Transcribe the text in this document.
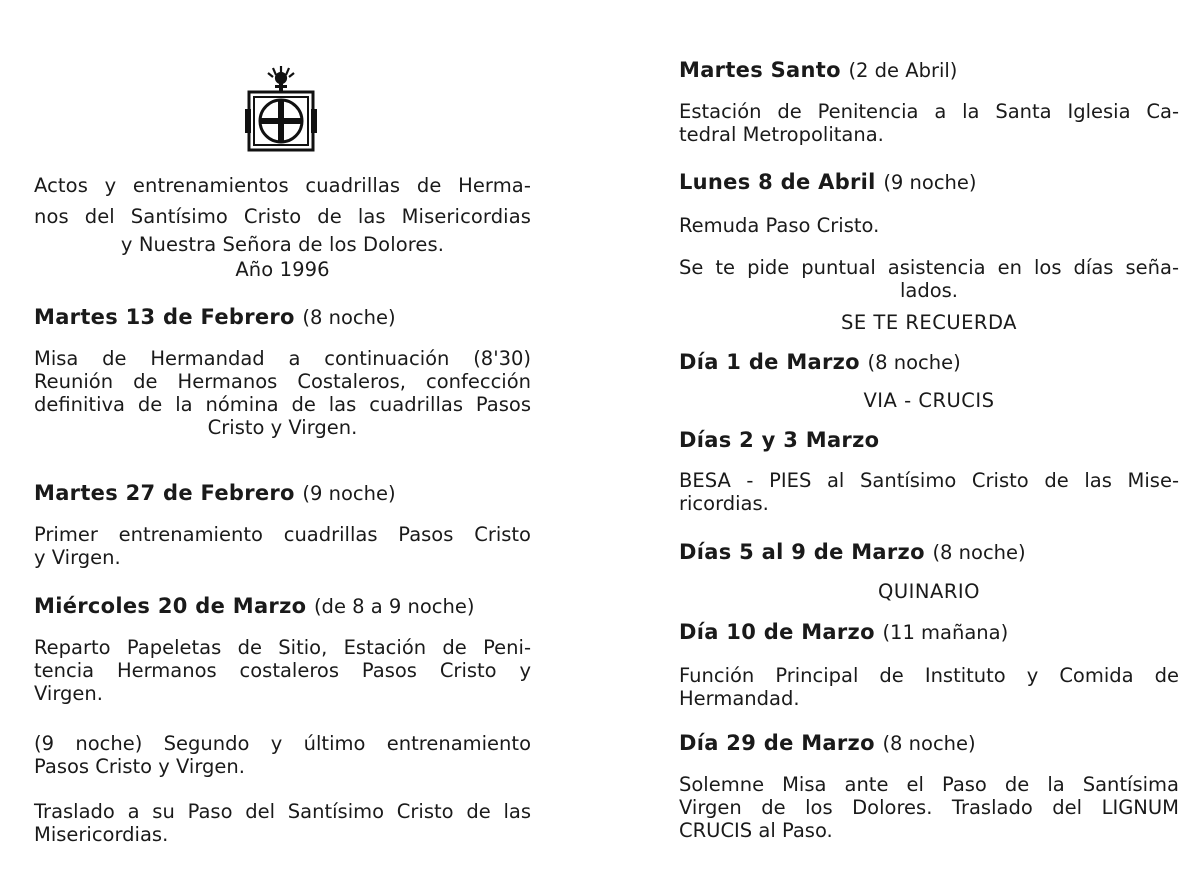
Actos y entrenamientos cuadrillas de Herma-
nos del Santísimo Cristo de las Misericordias
y Nuestra Señora de los Dolores.
Año 1996
Martes 13 de Febrero (8 noche)
Misa de Hermandad a continuación (8'30)
Reunión de Hermanos Costaleros, confección
definitiva de la nómina de las cuadrillas Pasos
Cristo y Virgen.
Martes 27 de Febrero (9 noche)
Primer entrenamiento cuadrillas Pasos Cristo
y Virgen.
Miércoles 20 de Marzo (de 8 a 9 noche)
Reparto Papeletas de Sitio, Estación de Peni-
tencia Hermanos costaleros Pasos Cristo y
Virgen.
(9 noche) Segundo y último entrenamiento
Pasos Cristo y Virgen.
Traslado a su Paso del Santísimo Cristo de las
Misericordias.
Martes Santo (2 de Abril)
Estación de Penitencia a la Santa Iglesia Ca-
tedral Metropolitana.
Lunes 8 de Abril (9 noche)
Remuda Paso Cristo.
Se te pide puntual asistencia en los días seña-
lados.
SE TE RECUERDA
Día 1 de Marzo (8 noche)
VIA - CRUCIS
Días 2 y 3 Marzo
BESA - PIES al Santísimo Cristo de las Mise-
ricordias.
Días 5 al 9 de Marzo (8 noche)
QUINARIO
Día 10 de Marzo (11 mañana)
Función Principal de Instituto y Comida de
Hermandad.
Día 29 de Marzo (8 noche)
Solemne Misa ante el Paso de la Santísima
Virgen de los Dolores. Traslado del LIGNUM
CRUCIS al Paso.
